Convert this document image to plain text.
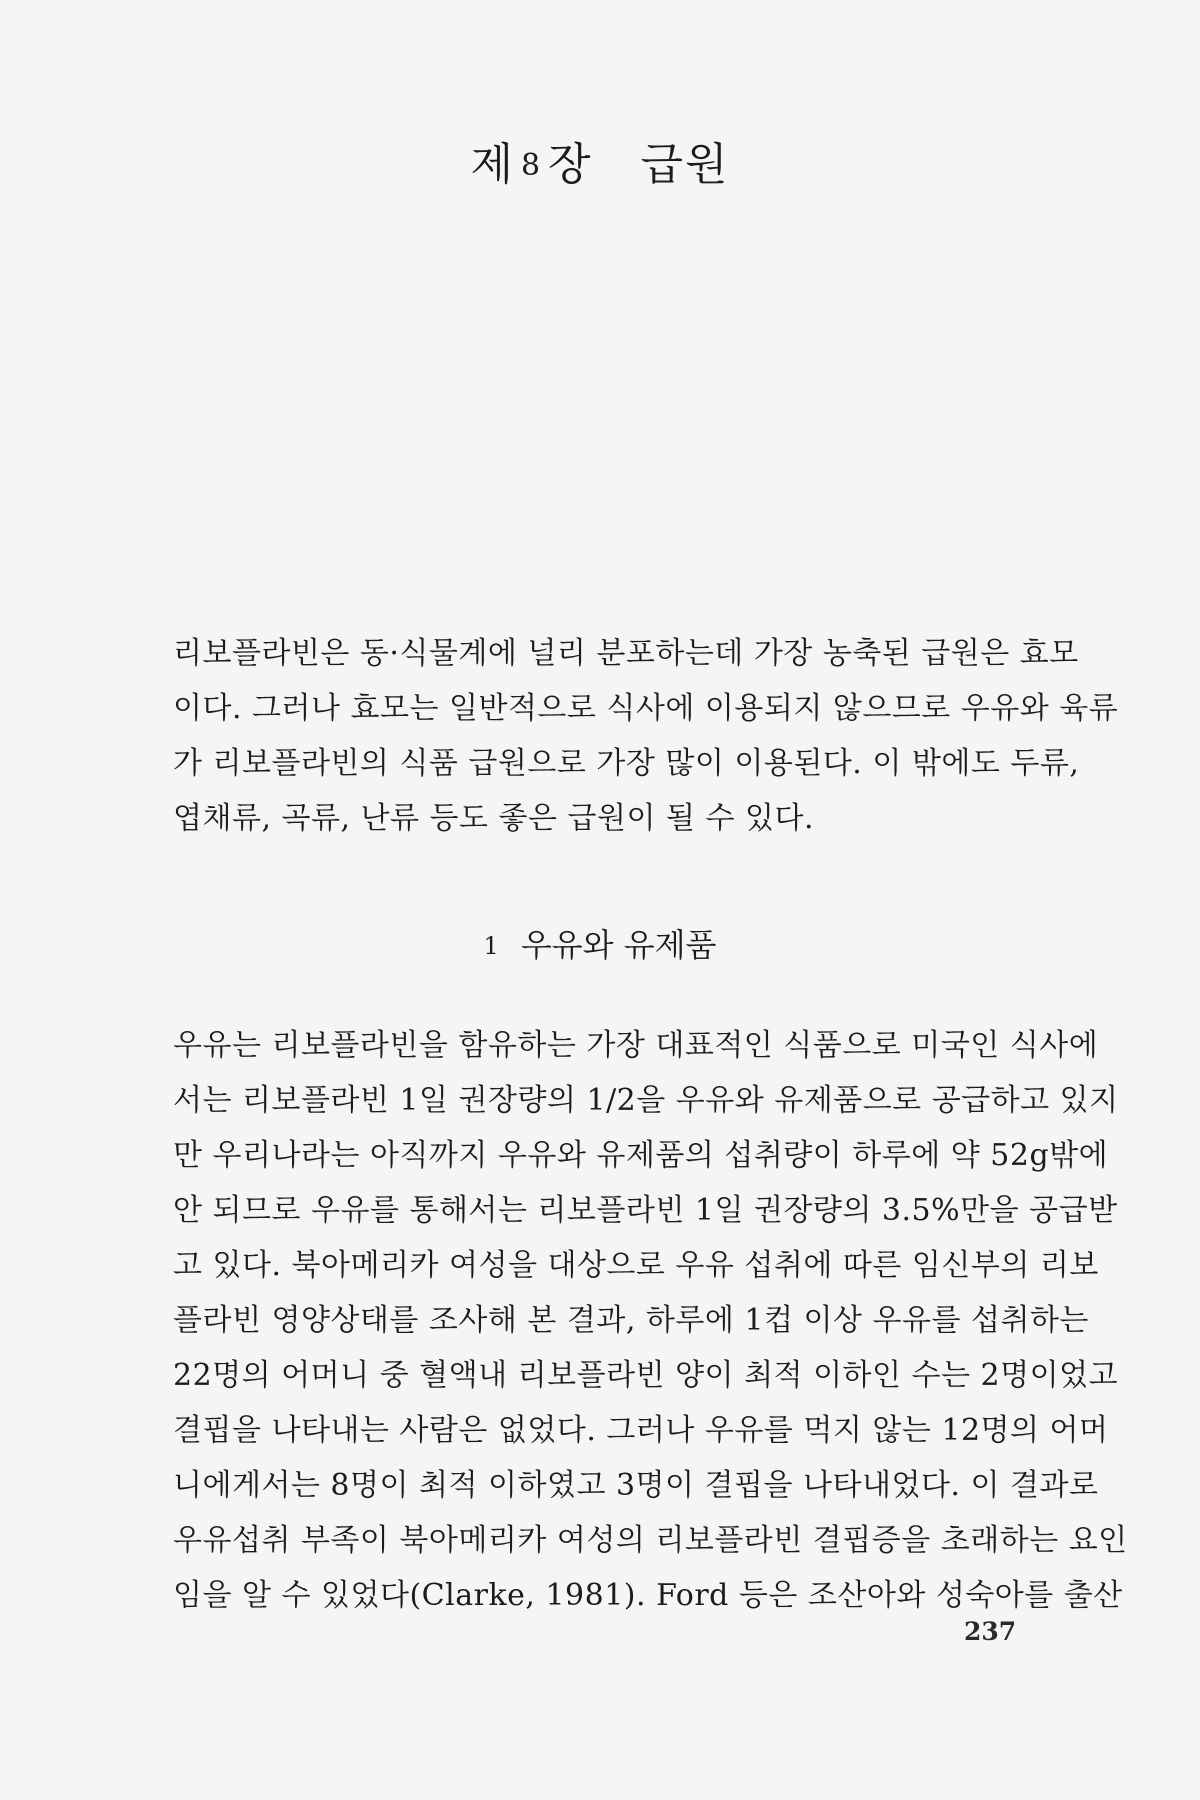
제 8 장 급원
리보플라빈은 동·식물계에 널리 분포하는데 가장 농축된 급원은 효모
이다. 그러나 효모는 일반적으로 식사에 이용되지 않으므로 우유와 육류
가 리보플라빈의 식품 급원으로 가장 많이 이용된다. 이 밖에도 두류,
엽채류, 곡류, 난류 등도 좋은 급원이 될 수 있다.
1 우유와 유제품
우유는 리보플라빈을 함유하는 가장 대표적인 식품으로 미국인 식사에
서는 리보플라빈 1일 권장량의 1/2을 우유와 유제품으로 공급하고 있지
만 우리나라는 아직까지 우유와 유제품의 섭취량이 하루에 약 52g밖에
안 되므로 우유를 통해서는 리보플라빈 1일 권장량의 3.5%만을 공급받
고 있다. 북아메리카 여성을 대상으로 우유 섭취에 따른 임신부의 리보
플라빈 영양상태를 조사해 본 결과, 하루에 1컵 이상 우유를 섭취하는
22명의 어머니 중 혈액내 리보플라빈 양이 최적 이하인 수는 2명이었고
결핍을 나타내는 사람은 없었다. 그러나 우유를 먹지 않는 12명의 어머
니에게서는 8명이 최적 이하였고 3명이 결핍을 나타내었다. 이 결과로
우유섭취 부족이 북아메리카 여성의 리보플라빈 결핍증을 초래하는 요인
임을 알 수 있었다(Clarke, 1981). Ford 등은 조산아와 성숙아를 출산
237
